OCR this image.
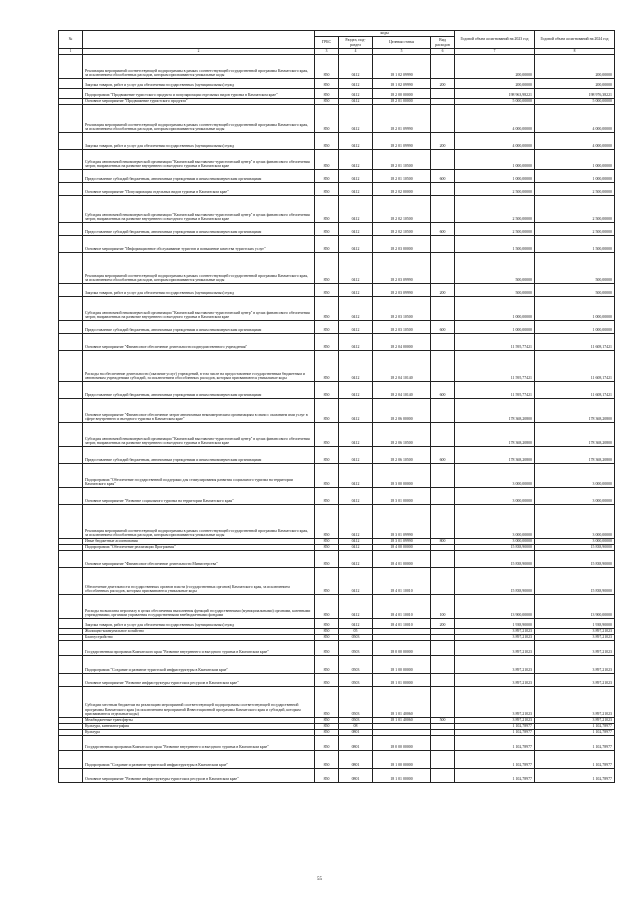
№		коды				Годовой объем ассигнований на 2023 год	Годовой объем ассигнований на 2024 год
		ГРБС	Раздел, под-раздел	Целевая статья	Вид расходов		
1	2	3	4	5	6	7	8
	Реализация мероприятий соответствующей подпрограммы в рамках соответствующей государственной программы Камчатского края, за исключением обособленных расходов, которым присваиваются уникальные коды	850	0412	18 1 02 09990		200,00000	200,00000
	Закупка товаров, работ и услуг для обеспечения государственных (муниципальных) нужд	850	0412	18 1 02 09990	200	200,00000	200,00000
	Подпрограмма "Продвижение туристского продукта и популяризация отдельных видов туризма в Камчатском крае"	850	0412	18 2 00 00000		198 963,98221	198 976,38221
	Основное мероприятие "Продвижение туристского продукта"	850	0412	18 2 01 00000		5 000,00000	5 000,00000
	Реализация мероприятий соответствующей подпрограммы в рамках соответствующей государственной программы Камчатского края, за исключением обособленных расходов, которым присваиваются уникальные коды	850	0412	18 2 01 09990		4 000,00000	4 000,00000
	Закупка товаров, работ и услуг для обеспечения государственных (муниципальных) нужд	850	0412	18 2 01 09990	200	4 000,00000	4 000,00000
	Субсидия автономной некоммерческой организации "Камчатский выставочно-туристический центр" в целях финансового обеспечения затрат, направленных на развитие внутреннего и въездного туризма в Камчатском крае	850	0412	18 2 01 10500		1 000,00000	1 000,00000
	Предоставление субсидий бюджетным, автономным учреждениям и иным некоммерческим организациям	850	0412	18 2 01 10500	600	1 000,00000	1 000,00000
	Основное мероприятие "Популяризация отдельных видов туризма в Камчатском крае"	850	0412	18 2 02 00000		2 500,00000	2 500,00000
	Субсидия автономной некоммерческой организации "Камчатский выставочно-туристический центр" в целях финансового обеспечения затрат, направленных на развитие внутреннего и въездного туризма в Камчатском крае	850	0412	18 2 02 10500		2 500,00000	2 500,00000
	Предоставление субсидий бюджетным, автономным учреждениям и иным некоммерческим организациям	850	0412	18 2 02 10500	600	2 500,00000	2 500,00000
	Основное мероприятие "Информационное обслуживание туристов и повышение качества туристских услуг"	850	0412	18 2 03 00000		1 500,00000	1 500,00000
	Реализация мероприятий соответствующей подпрограммы в рамках соответствующей государственной программы Камчатского края, за исключением обособленных расходов, которым присваиваются уникальные коды	850	0412	18 2 03 09990		500,00000	500,00000
	Закупка товаров, работ и услуг для обеспечения государственных (муниципальных) нужд	850	0412	18 2 03 09990	200	500,00000	500,00000
	Субсидия автономной некоммерческой организации "Камчатский выставочно-туристический центр" в целях финансового обеспечения затрат, направленных на развитие внутреннего и въездного туризма в Камчатском крае	850	0412	18 2 03 10500		1 000,00000	1 000,00000
	Предоставление субсидий бюджетным, автономным учреждениям и иным некоммерческим организациям	850	0412	18 2 03 10500	600	1 000,00000	1 000,00000
	Основное мероприятие "Финансовое обеспечение деятельности подведомственного учреждения"	850	0412	18 2 04 00000		11 595,77421	11 608,17421
	Расходы на обеспечение деятельности (оказание услуг) учреждений, в том числе на предоставление государственным бюджетным и автономным учреждениям субсидий, за исключением обособленных расходов, которым присваиваются уникальные коды	850	0412	18 2 04 10140		11 595,77421	11 608,17421
	Предоставление субсидий бюджетным, автономным учреждениям и иным некоммерческим организациям	850	0412	18 2 04 10140	600	11 595,77421	11 608,17421
	Основное мероприятие "Финансовое обеспечение затрат автономным некоммерческим организациям в связи с оказанием ими услуг в сфере внутреннего и въездного туризма в Камчатском крае"	850	0412	18 2 06 00000		178 368,20800	178 368,20800
	Субсидия автономной некоммерческой организации "Камчатский выставочно-туристический центр" в целях финансового обеспечения затрат, направленных на развитие внутреннего и въездного туризма в Камчатском крае	850	0412	18 2 06 10500		178 368,20800	178 368,20800
	Предоставление субсидий бюджетным, автономным учреждениям и иным некоммерческим организациям	850	0412	18 2 06 10500	600	178 368,20800	178 368,20800
	Подпрограмма "Обеспечение государственной поддержки для стимулирования развития социального туризма на территории Камчатского края"	850	0412	18 3 00 00000		3 000,00000	3 000,00000
	Основное мероприятие "Развитие социального туризма на территории Камчатского края"	850	0412	18 3 01 00000		3 000,00000	3 000,00000
	Реализация мероприятий соответствующей подпрограммы в рамках соответствующей государственной программы Камчатского края, за исключением обособленных расходов, которым присваиваются уникальные коды	850	0412	18 3 01 09990		3 000,00000	3 000,00000
	Иные бюджетные ассигнования	850	0412	18 3 01 09990	800	3 000,00000	3 000,00000
	Подпрограмма "Обеспечение реализации Программы"	850	0412	18 4 00 00000		15 838,90000	15 838,90000
	Основное мероприятие "Финансовое обеспечение деятельности Министерства"	850	0412	18 4 01 00000		15 838,90000	15 838,90000
	Обеспечение деятельности государственных органов власти (государственных органов) Камчатского края, за исключением обособленных расходов, которым присваиваются уникальные коды	850	0412	18 4 01 10010		15 838,90000	15 838,90000
	Расходы на выплаты персоналу в целях обеспечения выполнения функций государственными (муниципальными) органами, казенными учреждениями, органами управления государственными внебюджетными фондами	850	0412	18 4 01 10010	100	13 900,00000	13 900,00000
	Закупка товаров, работ и услуг для обеспечения государственных (муниципальных) нужд	850	0412	18 4 01 10010	200	1 938,90000	1 938,90000
	Жилищно-коммунальное хозяйство	850	05			3 897,21023	3 897,21023
	Благоустройство	850	0503			3 897,21023	3 897,21023
	Государственная программа Камчатского края "Развитие внутреннего и въездного туризма в Камчатском крае"	850	0503	18 0 00 00000		3 897,21023	3 897,21023
	Подпрограмма "Создание и развитие туристской инфраструктуры в Камчатском крае"	850	0503	18 1 00 00000		3 897,21023	3 897,21023
	Основное мероприятие "Развитие инфраструктуры туристских ресурсов в Камчатском крае"	850	0503	18 1 01 00000		3 897,21023	3 897,21023
	Субсидии местным бюджетам на реализацию мероприятий соответствующей подпрограммы соответствующей государственной программы Камчатского края (за исключением мероприятий Инвестиционной программы Камчатского края и субсидий, которым присваиваются отдельные коды)	850	0503	18 1 01 40060		3 897,21023	3 897,21023
	Межбюджетные трансферты	850	0503	18 1 01 40060	500	3 897,21023	3 897,21023
	Культура, кинематография	850	08			1 102,78977	1 102,78977
	Культура	850	0801			1 102,78977	1 102,78977
	Государственная программа Камчатского края "Развитие внутреннего и въездного туризма в Камчатском крае"	850	0801	18 0 00 00000		1 102,78977	1 102,78977
	Подпрограмма "Создание и развитие туристской инфраструктуры в Камчатском крае"	850	0801	18 1 00 00000		1 102,78977	1 102,78977
	Основное мероприятие "Развитие инфраструктуры туристских ресурсов в Камчатском крае"	850	0801	18 1 01 00000		1 102,78977	1 102,78977
55
